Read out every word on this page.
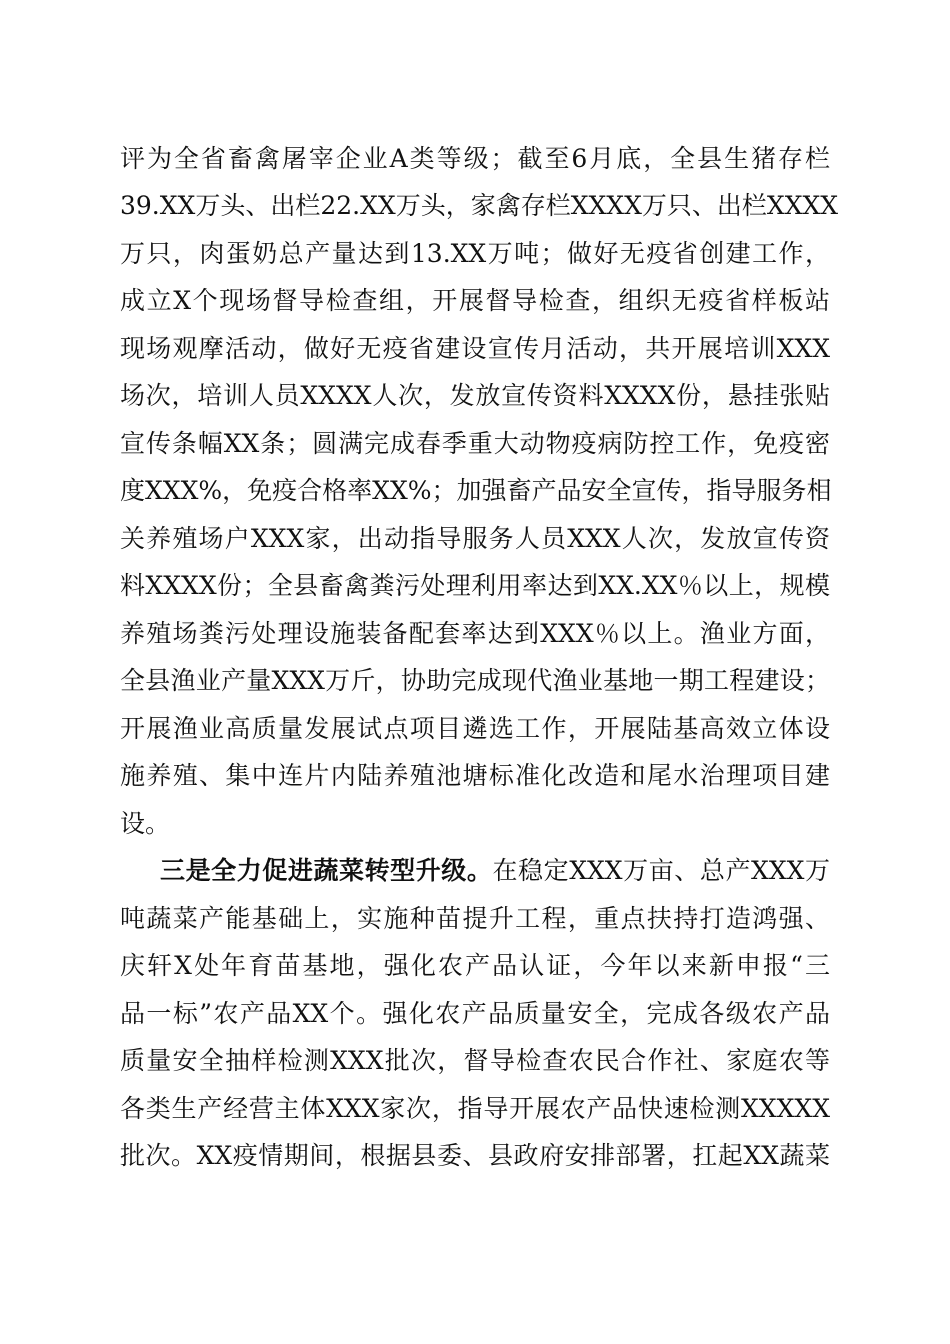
评为全省畜禽屠宰企业A类等级；截至6月底，全县生猪存栏
39.XX万头、出栏22.XX万头，家禽存栏XXXX万只、出栏XXXX
万只，肉蛋奶总产量达到13.XX万吨；做好无疫省创建工作，
成立X个现场督导检查组，开展督导检查，组织无疫省样板站
现场观摩活动，做好无疫省建设宣传月活动，共开展培训XXX
场次，培训人员XXXX人次，发放宣传资料XXXX份，悬挂张贴
宣传条幅XX条；圆满完成春季重大动物疫病防控工作，免疫密
度XXX%，免疫合格率XX%；加强畜产品安全宣传，指导服务相
关养殖场户XXX家，出动指导服务人员XXX人次，发放宣传资
料XXXX份；全县畜禽粪污处理利用率达到XX.XX％以上，规模
养殖场粪污处理设施装备配套率达到XXX％以上。渔业方面，
全县渔业产量XXX万斤，协助完成现代渔业基地一期工程建设；
开展渔业高质量发展试点项目遴选工作，开展陆基高效立体设
施养殖、集中连片内陆养殖池塘标准化改造和尾水治理项目建
设。
三是全力促进蔬菜转型升级。在稳定XXX万亩、总产XXX万
吨蔬菜产能基础上，实施种苗提升工程，重点扶持打造鸿强、
庆轩X处年育苗基地，强化农产品认证，今年以来新申报“三
品一标”农产品XX个。强化农产品质量安全，完成各级农产品
质量安全抽样检测XXX批次，督导检查农民合作社、家庭农等
各类生产经营主体XXX家次，指导开展农产品快速检测XXXXX
批次。XX疫情期间，根据县委、县政府安排部署，扛起XX蔬菜
